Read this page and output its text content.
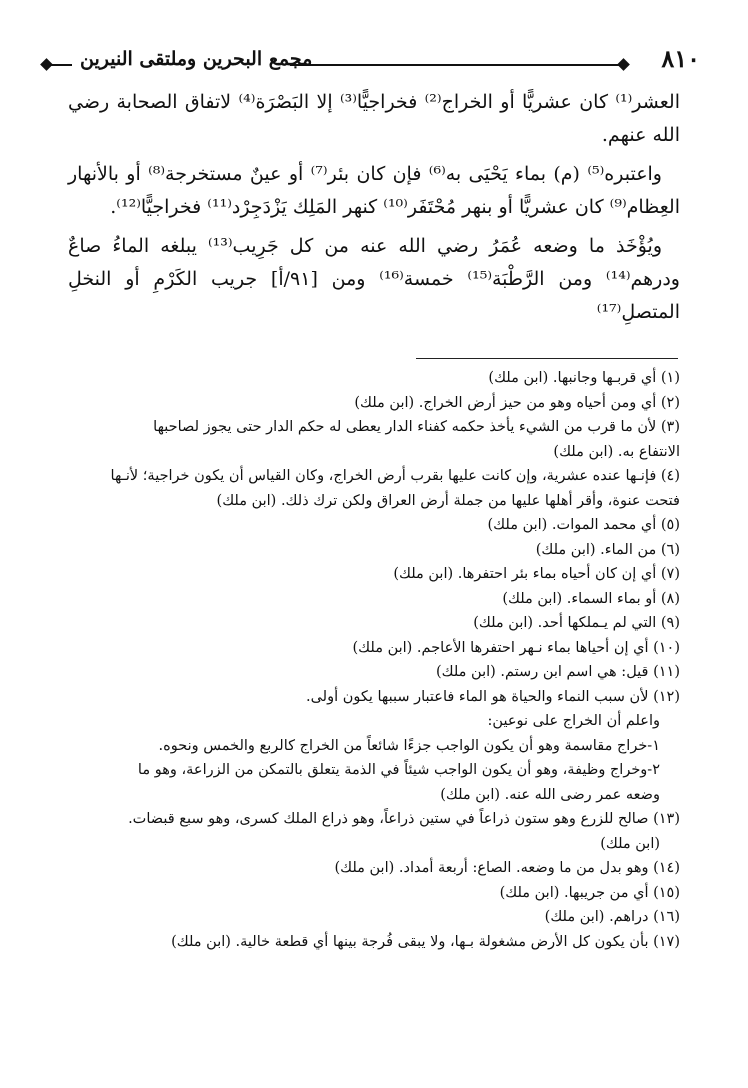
٨١٠
مجمع البحرين وملتقى النيرين

العشر⁽¹⁾ كان عشريًّا أو الخراج⁽²⁾ فخراجيًّا⁽³⁾ إلا البَصْرَة⁽⁴⁾ لاتفاق الصحابة رضي الله عنهم.

واعتبره⁽⁵⁾ (م) بماء يَحْيَى به⁽⁶⁾ فإن كان بئر⁽⁷⁾ أو عينٌ مستخرجة⁽⁸⁾ أو بالأنهار العِظام⁽⁹⁾ كان عشريًّا أو بنهر مُحْتَفَر⁽¹⁰⁾ كنهر المَلِك يَزْدَجِرْد⁽¹¹⁾ فخراجيًّا⁽¹²⁾.

ويُؤْخَذ ما وضعه عُمَرُ رضي الله عنه من كل جَرِيب⁽¹³⁾ يبلغه الماءُ صاعٌ ودرهم⁽¹⁴⁾ ومن الرَّطْبَة⁽¹⁵⁾ خمسة⁽¹⁶⁾ ومن [٩١/أ] جريب الكَرْمِ أو النخلِ المتصلِ⁽¹⁷⁾

(١) أي قربـها وجانبها. (ابن ملك)
(٢) أي ومن أحياه وهو من حيز أرض الخراج. (ابن ملك)
(٣) لأن ما قرب من الشيء يأخذ حكمه كفناء الدار يعطى له حكم الدار حتى يجوز لصاحبها
الانتفاع به. (ابن ملك)
(٤) فإنـها عنده عشرية، وإن كانت عليها بقرب أرض الخراج، وكان القياس أن يكون خراجية؛ لأنـها
فتحت عنوة، وأقر أهلها عليها من جملة أرض العراق ولكن ترك ذلك. (ابن ملك)
(٥) أي محمد الموات. (ابن ملك)
(٦) من الماء. (ابن ملك)
(٧) أي إن كان أحياه بماء بئر احتفرها. (ابن ملك)
(٨) أو بماء السماء. (ابن ملك)
(٩) التي لم يـملكها أحد. (ابن ملك)
(١٠) أي إن أحياها بماء نـهر احتفرها الأعاجم. (ابن ملك)
(١١) قيل: هي اسم ابن رستم. (ابن ملك)
(١٢) لأن سبب النماء والحياة هو الماء فاعتبار سببها يكون أولى.
واعلم أن الخراج على نوعين:
١-خراج مقاسمة وهو أن يكون الواجب جزءًا شائعاً من الخراج كالربع والخمس ونحوه.
٢-وخراج وظيفة، وهو أن يكون الواجب شيئاً في الذمة يتعلق بالتمكن من الزراعة، وهو ما
وضعه عمر رضى الله عنه. (ابن ملك)
(١٣) صالح للزرع وهو ستون ذراعاً في ستين ذراعاً، وهو ذراع الملك كسرى، وهو سبع قبضات.
(ابن ملك)
(١٤) وهو بدل من ما وضعه. الصاع: أربعة أمداد. (ابن ملك)
(١٥) أي من جريبها. (ابن ملك)
(١٦) دراهم. (ابن ملك)
(١٧) بأن يكون كل الأرض مشغولة بـها، ولا يبقى فُرجة بينها أي قطعة خالية. (ابن ملك)
